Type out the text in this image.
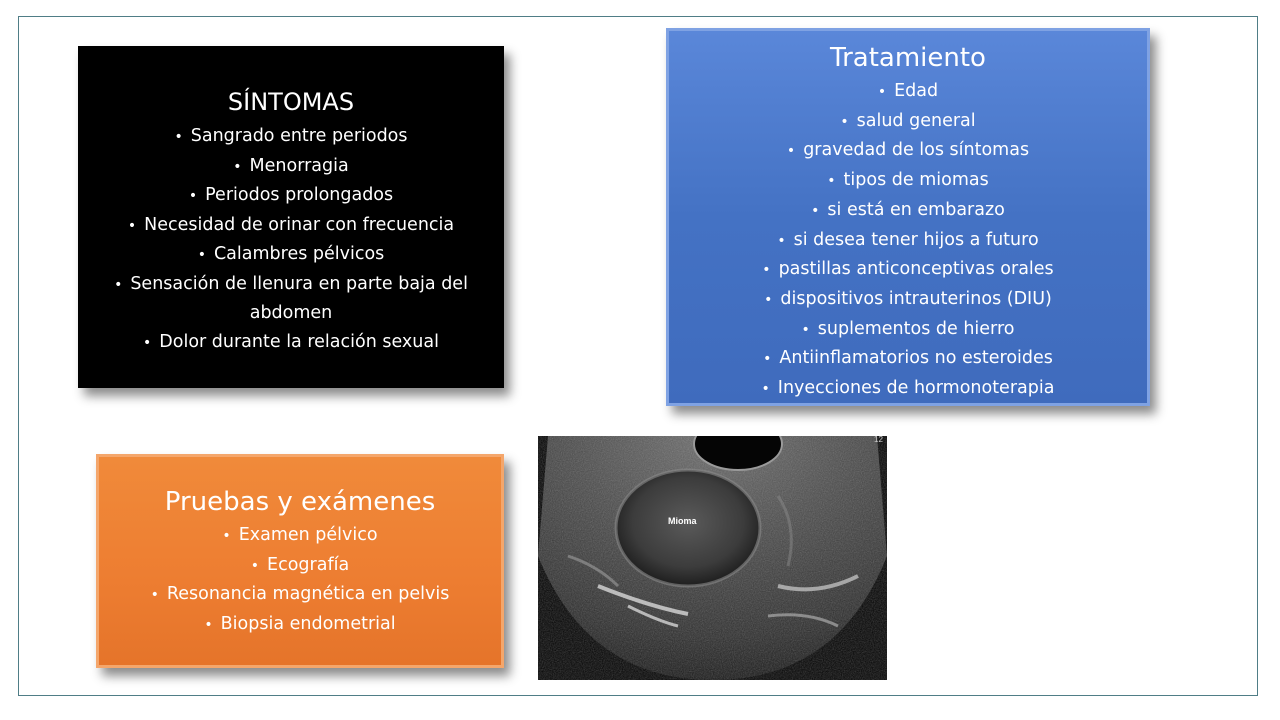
SÍNTOMAS
• Sangrado entre periodos
• Menorragia
• Periodos prolongados
• Necesidad de orinar con frecuencia
• Calambres pélvicos
• Sensación de llenura en parte baja del abdomen
• Dolor durante la relación sexual
Tratamiento
• Edad
• salud general
• gravedad de los síntomas
• tipos de miomas
• si está en embarazo
• si desea tener hijos a futuro
• pastillas anticonceptivas orales
• dispositivos intrauterinos (DIU)
• suplementos de hierro
• Antiinflamatorios no esteroides
• Inyecciones de hormonoterapia
Pruebas y exámenes
• Examen pélvico
• Ecografía
• Resonancia magnética en pelvis
• Biopsia endometrial
Mioma
12
